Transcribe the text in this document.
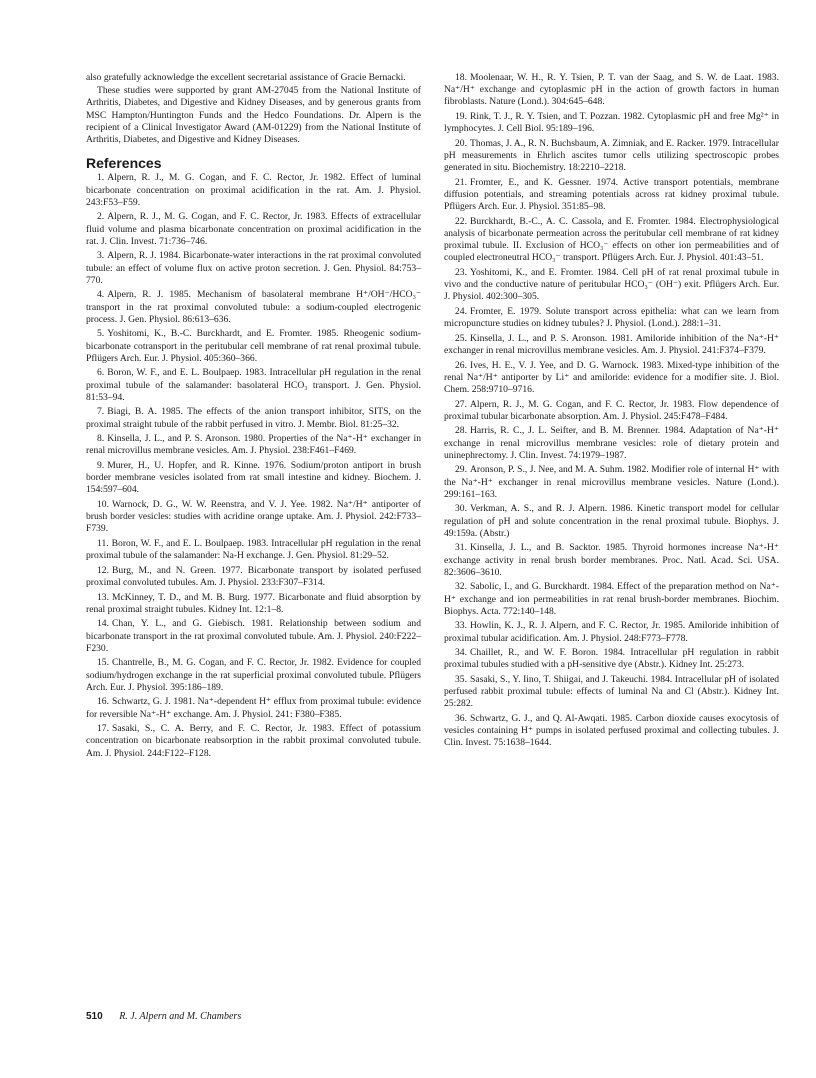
also gratefully acknowledge the excellent secretarial assistance of Gracie Bernacki.

These studies were supported by grant AM-27045 from the National Institute of Arthritis, Diabetes, and Digestive and Kidney Diseases, and by generous grants from MSC Hampton/Huntington Funds and the Hedco Foundations. Dr. Alpern is the recipient of a Clinical Investigator Award (AM-01229) from the National Institute of Arthritis, Diabetes, and Digestive and Kidney Diseases.

References

1. Alpern, R. J., M. G. Cogan, and F. C. Rector, Jr. 1982. Effect of luminal bicarbonate concentration on proximal acidification in the rat. Am. J. Physiol. 243:F53–F59.

2. Alpern, R. J., M. G. Cogan, and F. C. Rector, Jr. 1983. Effects of extracellular fluid volume and plasma bicarbonate concentration on proximal acidification in the rat. J. Clin. Invest. 71:736–746.

3. Alpern, R. J. 1984. Bicarbonate-water interactions in the rat proximal convoluted tubule: an effect of volume flux on active proton secretion. J. Gen. Physiol. 84:753–770.

4. Alpern, R. J. 1985. Mechanism of basolateral membrane H⁺/OH⁻/HCO₃⁻ transport in the rat proximal convoluted tubule: a sodium-coupled electrogenic process. J. Gen. Physiol. 86:613–636.

5. Yoshitomi, K., B.-C. Burckhardt, and E. Fromter. 1985. Rheogenic sodium-bicarbonate cotransport in the peritubular cell membrane of rat renal proximal tubule. Pflügers Arch. Eur. J. Physiol. 405:360–366.

6. Boron, W. F., and E. L. Boulpaep. 1983. Intracellular pH regulation in the renal proximal tubule of the salamander: basolateral HCO₃ transport. J. Gen. Physiol. 81:53–94.

7. Biagi, B. A. 1985. The effects of the anion transport inhibitor, SITS, on the proximal straight tubule of the rabbit perfused in vitro. J. Membr. Biol. 81:25–32.

8. Kinsella, J. L., and P. S. Aronson. 1980. Properties of the Na⁺-H⁺ exchanger in renal microvillus membrane vesicles. Am. J. Physiol. 238:F461–F469.

9. Murer, H., U. Hopfer, and R. Kinne. 1976. Sodium/proton antiport in brush border membrane vesicles isolated from rat small intestine and kidney. Biochem. J. 154:597–604.

10. Warnock, D. G., W. W. Reenstra, and V. J. Yee. 1982. Na⁺/H⁺ antiporter of brush border vesicles: studies with acridine orange uptake. Am. J. Physiol. 242:F733–F739.

11. Boron, W. F., and E. L. Boulpaep. 1983. Intracellular pH regulation in the renal proximal tubule of the salamander: Na-H exchange. J. Gen. Physiol. 81:29–52.

12. Burg, M., and N. Green. 1977. Bicarbonate transport by isolated perfused proximal convoluted tubules. Am. J. Physiol. 233:F307–F314.

13. McKinney, T. D., and M. B. Burg. 1977. Bicarbonate and fluid absorption by renal proximal straight tubules. Kidney Int. 12:1–8.

14. Chan, Y. L., and G. Giebisch. 1981. Relationship between sodium and bicarbonate transport in the rat proximal convoluted tubule. Am. J. Physiol. 240:F222–F230.

15. Chantrelle, B., M. G. Cogan, and F. C. Rector, Jr. 1982. Evidence for coupled sodium/hydrogen exchange in the rat superficial proximal convoluted tubule. Pflügers Arch. Eur. J. Physiol. 395:186–189.

16. Schwartz, G. J. 1981. Na⁺-dependent H⁺ efflux from proximal tubule: evidence for reversible Na⁺-H⁺ exchange. Am. J. Physiol. 241: F380–F385.

17. Sasaki, S., C. A. Berry, and F. C. Rector, Jr. 1983. Effect of potassium concentration on bicarbonate reabsorption in the rabbit proximal convoluted tubule. Am. J. Physiol. 244:F122–F128.

18. Moolenaar, W. H., R. Y. Tsien, P. T. van der Saag, and S. W. de Laat. 1983. Na⁺/H⁺ exchange and cytoplasmic pH in the action of growth factors in human fibroblasts. Nature (Lond.). 304:645–648.

19. Rink, T. J., R. Y. Tsien, and T. Pozzan. 1982. Cytoplasmic pH and free Mg²⁺ in lymphocytes. J. Cell Biol. 95:189–196.

20. Thomas, J. A., R. N. Buchsbaum, A. Zimniak, and E. Racker. 1979. Intracellular pH measurements in Ehrlich ascites tumor cells utilizing spectroscopic probes generated in situ. Biochemistry. 18:2210–2218.

21. Fromter, E., and K. Gessner. 1974. Active transport potentials, membrane diffusion potentials, and streaming potentials across rat kidney proximal tubule. Pflügers Arch. Eur. J. Physiol. 351:85–98.

22. Burckhardt, B.-C., A. C. Cassola, and E. Fromter. 1984. Electrophysiological analysis of bicarbonate permeation across the peritubular cell membrane of rat kidney proximal tubule. II. Exclusion of HCO₃⁻ effects on other ion permeabilities and of coupled electroneutral HCO₃⁻ transport. Pflügers Arch. Eur. J. Physiol. 401:43–51.

23. Yoshitomi, K., and E. Fromter. 1984. Cell pH of rat renal proximal tubule in vivo and the conductive nature of peritubular HCO₃⁻ (OH⁻) exit. Pflügers Arch. Eur. J. Physiol. 402:300–305.

24. Fromter, E. 1979. Solute transport across epithelia: what can we learn from micropuncture studies on kidney tubules? J. Physiol. (Lond.). 288:1–31.

25. Kinsella, J. L., and P. S. Aronson. 1981. Amiloride inhibition of the Na⁺-H⁺ exchanger in renal microvillus membrane vesicles. Am. J. Physiol. 241:F374–F379.

26. Ives, H. E., V. J. Yee, and D. G. Warnock. 1983. Mixed-type inhibition of the renal Na⁺/H⁺ antiporter by Li⁺ and amiloride: evidence for a modifier site. J. Biol. Chem. 258:9710–9716.

27. Alpern, R. J., M. G. Cogan, and F. C. Rector, Jr. 1983. Flow dependence of proximal tubular bicarbonate absorption. Am. J. Physiol. 245:F478–F484.

28. Harris, R. C., J. L. Seifter, and B. M. Brenner. 1984. Adaptation of Na⁺-H⁺ exchange in renal microvillus membrane vesicles: role of dietary protein and uninephrectomy. J. Clin. Invest. 74:1979–1987.

29. Aronson, P. S., J. Nee, and M. A. Suhm. 1982. Modifier role of internal H⁺ with the Na⁺-H⁺ exchanger in renal microvillus membrane vesicles. Nature (Lond.). 299:161–163.

30. Verkman, A. S., and R. J. Alpern. 1986. Kinetic transport model for cellular regulation of pH and solute concentration in the renal proximal tubule. Biophys. J. 49:159a. (Abstr.)

31. Kinsella, J. L., and B. Sacktor. 1985. Thyroid hormones increase Na⁺-H⁺ exchange activity in renal brush border membranes. Proc. Natl. Acad. Sci. USA. 82:3606–3610.

32. Sabolic, I., and G. Burckhardt. 1984. Effect of the preparation method on Na⁺-H⁺ exchange and ion permeabilities in rat renal brush-border membranes. Biochim. Biophys. Acta. 772:140–148.

33. Howlin, K. J., R. J. Alpern, and F. C. Rector, Jr. 1985. Amiloride inhibition of proximal tubular acidification. Am. J. Physiol. 248:F773–F778.

34. Chaillet, R., and W. F. Boron. 1984. Intracellular pH regulation in rabbit proximal tubules studied with a pH-sensitive dye (Abstr.). Kidney Int. 25:273.

35. Sasaki, S., Y. Iino, T. Shiigai, and J. Takeuchi. 1984. Intracellular pH of isolated perfused rabbit proximal tubule: effects of luminal Na and Cl (Abstr.). Kidney Int. 25:282.

36. Schwartz, G. J., and Q. Al-Awqati. 1985. Carbon dioxide causes exocytosis of vesicles containing H⁺ pumps in isolated perfused proximal and collecting tubules. J. Clin. Invest. 75:1638–1644.

510 R. J. Alpern and M. Chambers
